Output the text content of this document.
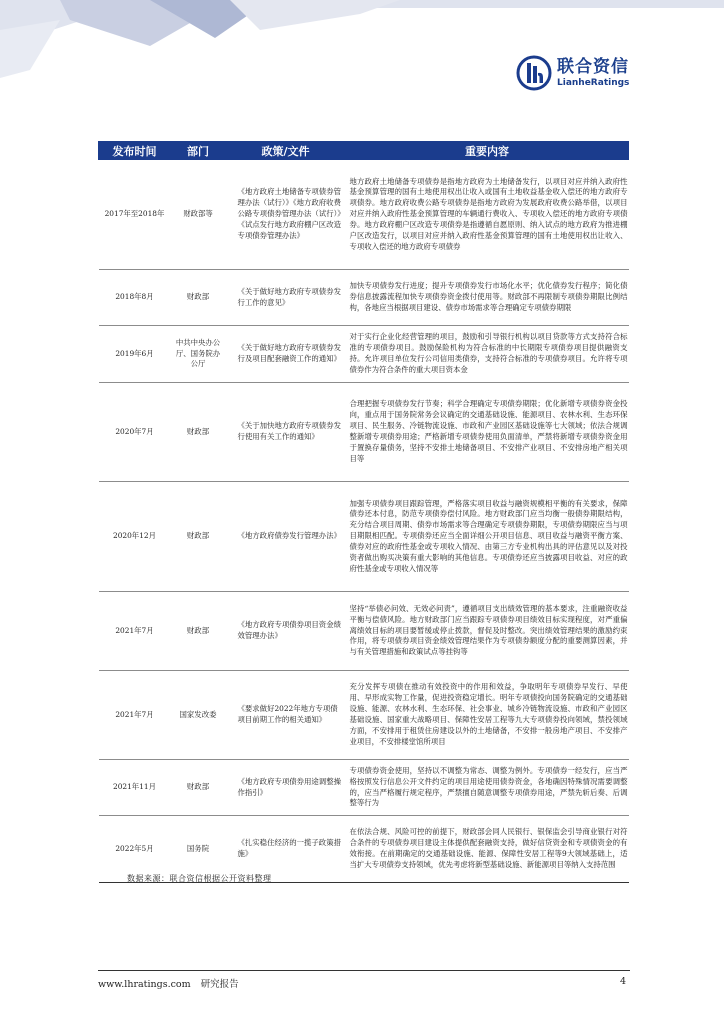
联合资信
LianheRatings
发布时间	部门	政策/文件	重要内容
2017年至2018年	财政部等	《地方政府土地储备专项债券管理办法（试行）》《地方政府收费公路专项债券管理办法（试行）》《试点发行地方政府棚户区改造专项债券管理办法》	地方政府土地储备专项债券是指地方政府为土地储备发行，以项目对应并纳入政府性基金预算管理的国有土地使用权出让收入或国有土地收益基金收入偿还的地方政府专项债券。地方政府收费公路专项债券是指地方政府为发展政府收费公路举借，以项目对应并纳入政府性基金预算管理的车辆通行费收入、专项收入偿还的地方政府专项债券。地方政府棚户区改造专项债券是指遵循自愿原则、纳入试点的地方政府为推进棚户区改造发行，以项目对应并纳入政府性基金预算管理的国有土地使用权出让收入、专项收入偿还的地方政府专项债券
2018年8月	财政部	《关于做好地方政府专项债券发行工作的意见》	加快专项债券发行进度；提升专项债券发行市场化水平；优化债券发行程序；简化债券信息披露流程加快专项债券资金拨付使用等。财政部不再限制专项债券期限比例结构，各地应当根据项目建设、债券市场需求等合理确定专项债券期限
2019年6月	中共中央办公厅、国务院办公厅	《关于做好地方政府专项债券发行及项目配套融资工作的通知》	对于实行企业化经营管理的项目，鼓励和引导银行机构以项目贷款等方式支持符合标准的专项债券项目。鼓励保险机构为符合标准的中长期限专项债券项目提供融资支持。允许项目单位发行公司信用类债券，支持符合标准的专项债券项目。允许将专项债券作为符合条件的重大项目资本金
2020年7月	财政部	《关于加快地方政府专项债券发行使用有关工作的通知》	合理把握专项债券发行节奏；科学合理确定专项债券期限；优化新增专项债券资金投向，重点用于国务院常务会议确定的交通基础设施、能源项目、农林水利、生态环保项目、民生服务、冷链物流设施、市政和产业园区基础设施等七大领域；依法合规调整新增专项债券用途；严格新增专项债券使用负面清单，严禁将新增专项债券资金用于置换存量债务，坚持不安排土地储备项目、不安排产业项目、不安排房地产相关项目等
2020年12月	财政部	《地方政府债券发行管理办法》	加强专项债券项目跟踪管理，严格落实项目收益与融资规模相平衡的有关要求，保障债券还本付息，防范专项债券偿付风险。地方财政部门应当均衡一般债券期限结构，充分结合项目周期、债券市场需求等合理确定专项债券期限，专项债券期限应当与项目期限相匹配。专项债券还应当全面详细公开项目信息、项目收益与融资平衡方案、债券对应的政府性基金或专项收入情况、由第三方专业机构出具的评估意见以及对投资者做出购买决策有重大影响的其他信息。专项债券还应当披露项目收益、对应的政府性基金或专项收入情况等
2021年7月	财政部	《地方政府专项债券项目资金绩效管理办法》	坚持“举债必问效、无效必问责”，遵循项目支出绩效管理的基本要求，注重融资收益平衡与偿债风险。地方财政部门应当跟踪专项债券项目绩效目标实现程度，对严重偏离绩效目标的项目要暂缓或停止拨款，督促及时整改。突出绩效管理结果的激励约束作用，将专项债券项目资金绩效管理结果作为专项债券额度分配的重要测算因素，并与有关管理措施和政策试点等挂钩等
2021年7月	国家发改委	《要求做好2022年地方专项债项目前期工作的相关通知》	充分发挥专项债在推动有效投资中的作用和效益，争取明年专项债券早发行、早使用、早形成实物工作量，促进投资稳定增长。明年专项债投向国务院确定的交通基础设施、能源、农林水利、生态环保、社会事业、城乡冷链物流设施、市政和产业园区基础设施、国家重大战略项目、保障性安居工程等九大专项债券投向领域，禁投领域方面，不安排用于租赁住房建设以外的土地储备，不安排一般房地产项目、不安排产业项目，不安排楼堂馆所项目
2021年11月	财政部	《地方政府专项债券用途调整操作指引》	专项债券资金使用，坚持以不调整为常态、调整为例外。专项债券一经发行，应当严格按照发行信息公开文件约定的项目用途使用债券资金，各地确因特殊情况需要调整的，应当严格履行规定程序，严禁擅自随意调整专项债券用途，严禁先斩后奏、后调整等行为
2022年5月	国务院	《扎实稳住经济的一揽子政策措施》	在依法合规、风险可控的前提下，财政部会同人民银行、银保监会引导商业银行对符合条件的专项债券项目建设主体提供配套融资支持，做好信贷资金和专项债资金的有效衔接。在前期确定的交通基础设施、能源、保障性安居工程等9大领域基础上，适当扩大专项债券支持领域，优先考虑将新型基础设施、新能源项目等纳入支持范围
数据来源：联合资信根据公开资料整理
www.lhratings.com 研究报告	4
